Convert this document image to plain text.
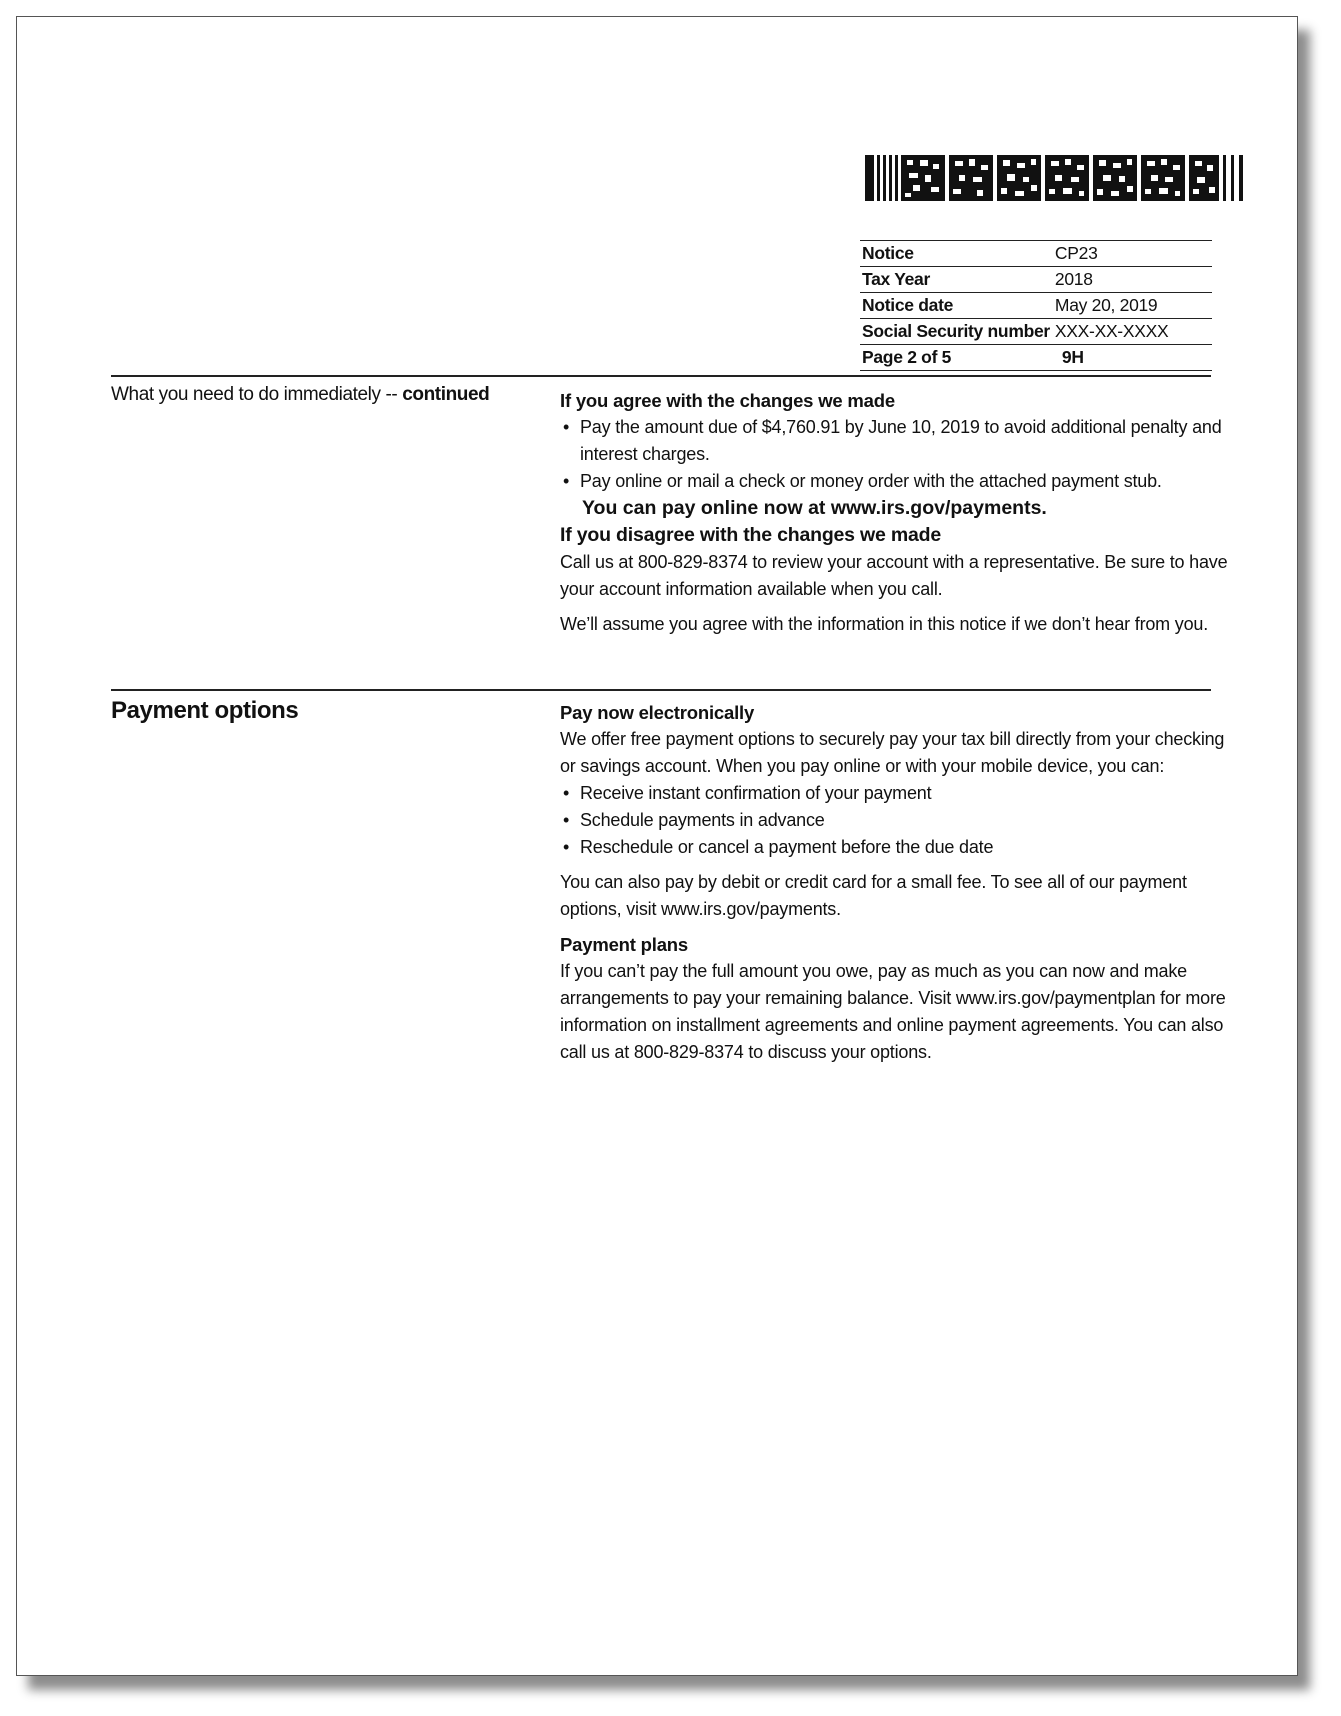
Notice	CP23
Tax Year	2018
Notice date	May 20, 2019
Social Security number	XXX-XX-XXXX
Page 2 of 5	9H
What you need to do immediately -- continued	If you agree with the changes we made

• Pay the amount due of $4,760.91 by June 10, 2019 to avoid additional penalty and interest charges.
• Pay online or mail a check or money order with the attached payment stub.

You can pay online now at www.irs.gov/payments.

If you disagree with the changes we made

Call us at 800-829-8374 to review your account with a representative. Be sure to have your account information available when you call.

We’ll assume you agree with the information in this notice if we don’t hear from you.

Payment options	Pay now electronically

We offer free payment options to securely pay your tax bill directly from your checking or savings account. When you pay online or with your mobile device, you can:

• Receive instant confirmation of your payment
• Schedule payments in advance
• Reschedule or cancel a payment before the due date

You can also pay by debit or credit card for a small fee. To see all of our payment options, visit www.irs.gov/payments.

Payment plans

If you can’t pay the full amount you owe, pay as much as you can now and make arrangements to pay your remaining balance. Visit www.irs.gov/paymentplan for more information on installment agreements and online payment agreements. You can also call us at 800-829-8374 to discuss your options.
